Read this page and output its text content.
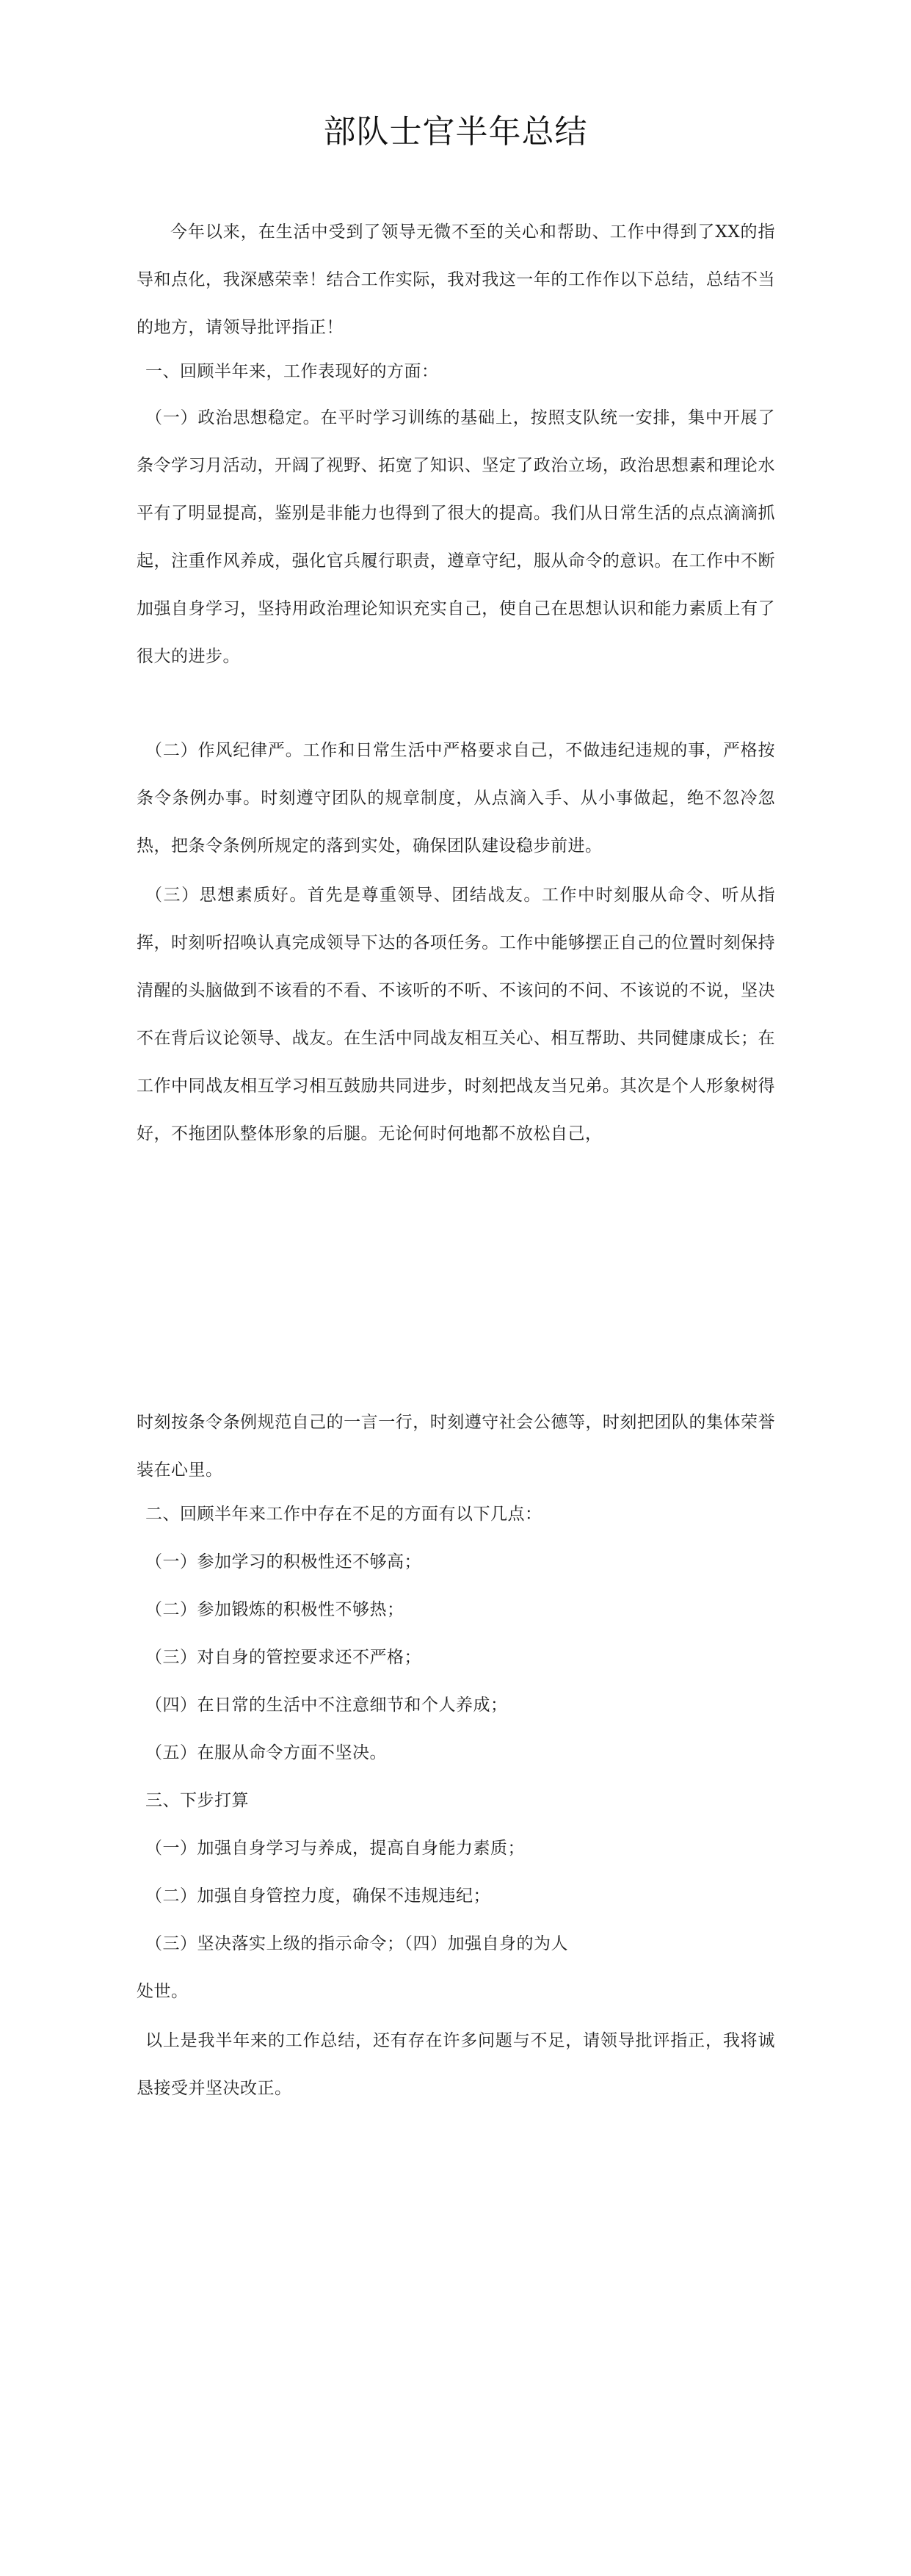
部队士官半年总结
今年以来，在生活中受到了领导无微不至的关心和帮助、工作中得到了XX的指导和点化，我深感荣幸！结合工作实际，我对我这一年的工作作以下总结，总结不当的地方，请领导批评指正！
一、回顾半年来，工作表现好的方面：
（一）政治思想稳定。在平时学习训练的基础上，按照支队统一安排，集中开展了条令学习月活动，开阔了视野、拓宽了知识、坚定了政治立场，政治思想素和理论水平有了明显提高，鉴别是非能力也得到了很大的提高。我们从日常生活的点点滴滴抓起，注重作风养成，强化官兵履行职责，遵章守纪，服从命令的意识。在工作中不断加强自身学习，坚持用政治理论知识充实自己，使自己在思想认识和能力素质上有了很大的进步。
（二）作风纪律严。工作和日常生活中严格要求自己，不做违纪违规的事，严格按条令条例办事。时刻遵守团队的规章制度，从点滴入手、从小事做起，绝不忽冷忽热，把条令条例所规定的落到实处，确保团队建设稳步前进。
（三）思想素质好。首先是尊重领导、团结战友。工作中时刻服从命令、听从指挥，时刻听招唤认真完成领导下达的各项任务。工作中能够摆正自己的位置时刻保持清醒的头脑做到不该看的不看、不该听的不听、不该问的不问、不该说的不说，坚决不在背后议论领导、战友。在生活中同战友相互关心、相互帮助、共同健康成长；在工作中同战友相互学习相互鼓励共同进步，时刻把战友当兄弟。其次是个人形象树得好，不拖团队整体形象的后腿。无论何时何地都不放松自己，
时刻按条令条例规范自己的一言一行，时刻遵守社会公德等，时刻把团队的集体荣誉装在心里。
二、回顾半年来工作中存在不足的方面有以下几点：
（一）参加学习的积极性还不够高；
（二）参加锻炼的积极性不够热；
（三）对自身的管控要求还不严格；
（四）在日常的生活中不注意细节和个人养成；
（五）在服从命令方面不坚决。
三、下步打算
（一）加强自身学习与养成，提高自身能力素质；
（二）加强自身管控力度，确保不违规违纪；
（三）坚决落实上级的指示命令；（四）加强自身的为人
处世。
以上是我半年来的工作总结，还有存在许多问题与不足，请领导批评指正，我将诚恳接受并坚决改正。
